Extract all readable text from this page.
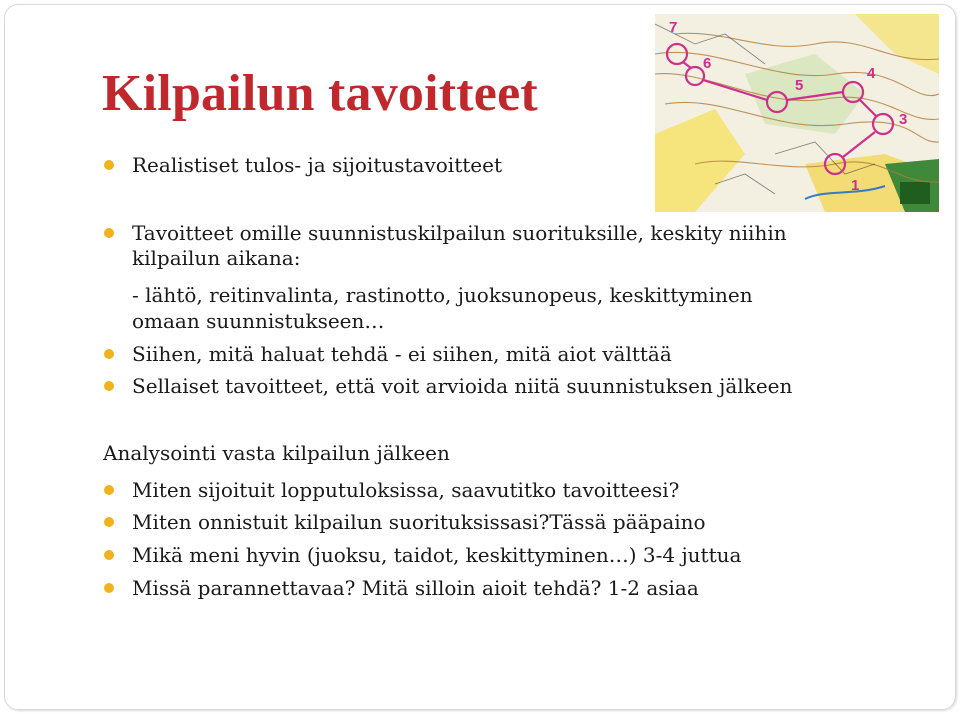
7
6
5
4
3
1
Kilpailun tavoitteet
Realistiset tulos- ja sijoitustavoitteet
Tavoitteet omille suunnistuskilpailun suorituksille, keskity niihin
kilpailun aikana:
- lähtö, reitinvalinta, rastinotto, juoksunopeus, keskittyminen
omaan suunnistukseen…
Siihen, mitä haluat tehdä - ei siihen, mitä aiot välttää
Sellaiset tavoitteet, että voit arvioida niitä suunnistuksen jälkeen
Analysointi vasta kilpailun jälkeen
Miten sijoituit lopputuloksissa, saavutitko tavoitteesi?
Miten onnistuit kilpailun suorituksissasi?Tässä pääpaino
Mikä meni hyvin (juoksu, taidot, keskittyminen…) 3-4 juttua
Missä parannettavaa? Mitä silloin aioit tehdä? 1-2 asiaa
